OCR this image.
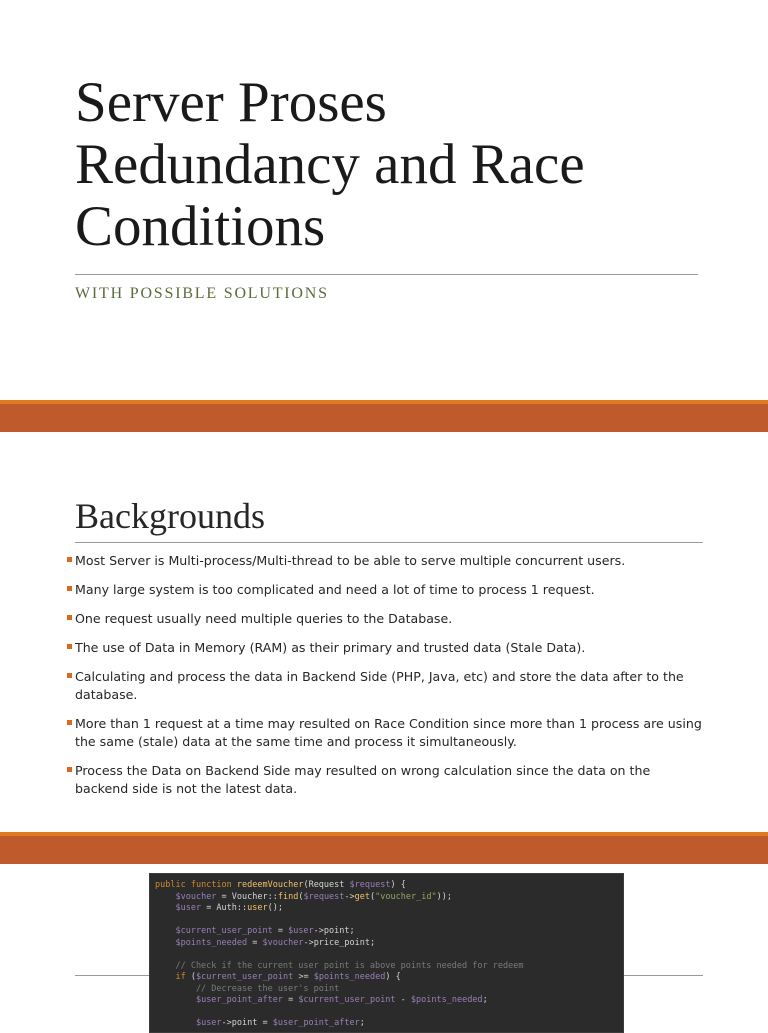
Server Proses
Redundancy and Race
Conditions
WITH POSSIBLE SOLUTIONS
Backgrounds
Most Server is Multi-process/Multi-thread to be able to serve multiple concurrent users.
Many large system is too complicated and need a lot of time to process 1 request.
One request usually need multiple queries to the Database.
The use of Data in Memory (RAM) as their primary and trusted data (Stale Data).
Calculating and process the data in Backend Side (PHP, Java, etc) and store the data after to the database.
More than 1 request at a time may resulted on Race Condition since more than 1 process are using the same (stale) data at the same time and process it simultaneously.
Process the Data on Backend Side may resulted on wrong calculation since the data on the backend side is not the latest data.
public function redeemVoucher(Request $request) {
$voucher = Voucher::find($request->get("voucher_id"));
$user = Auth::user();
$current_user_point = $user->point;
$points_needed = $voucher->price_point;
// Check if the current user point is above points needed for redeem
if ($current_user_point >= $points_needed) {
// Decrease the user's point
$user_point_after = $current_user_point - $points_needed;
$user->point = $user_point_after;
